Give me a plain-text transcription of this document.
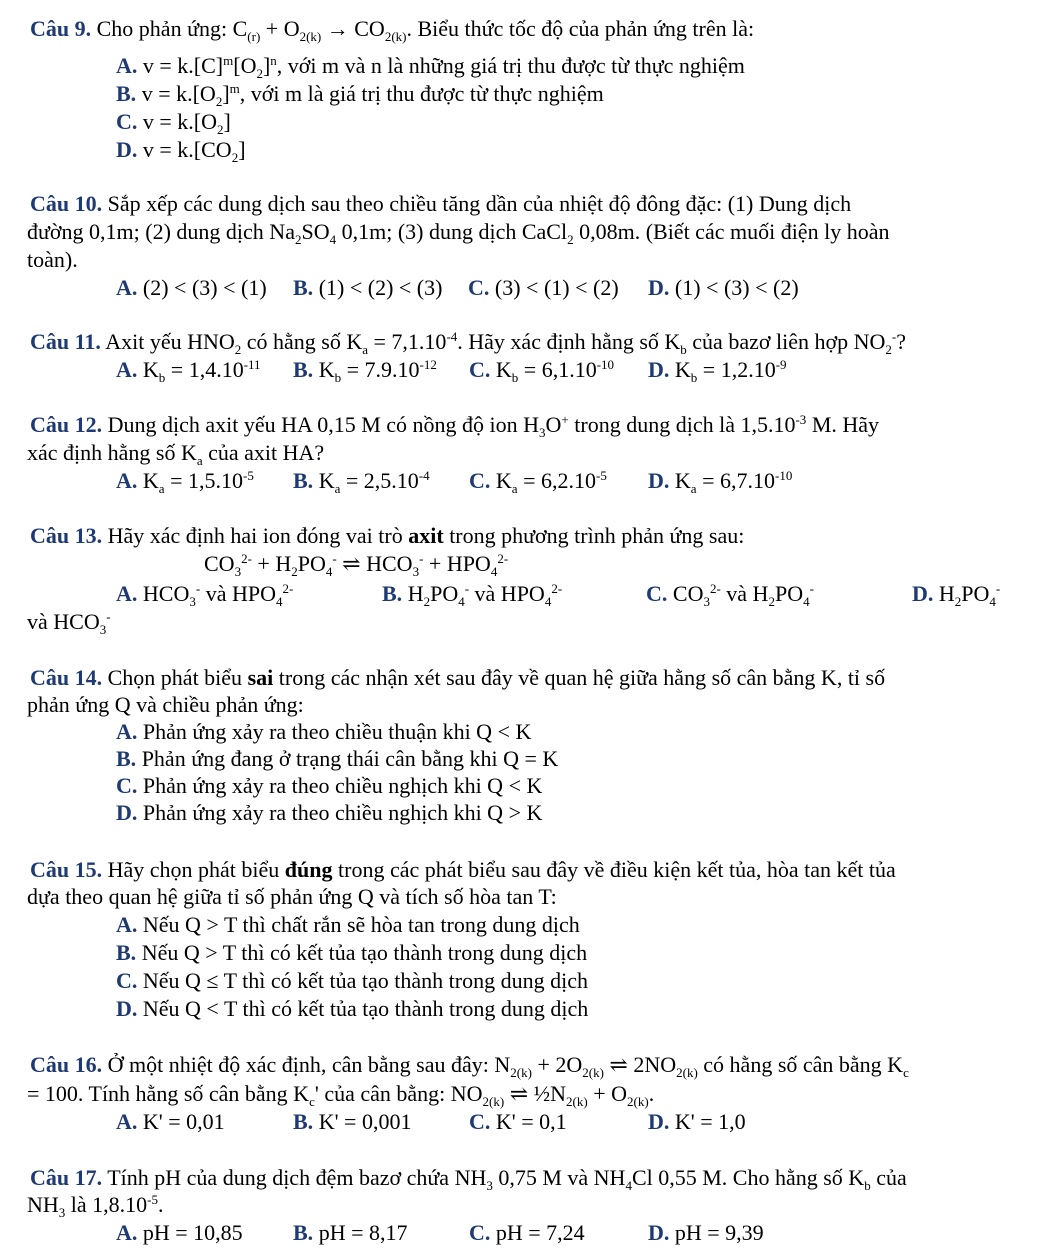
Câu 9. Cho phản ứng: $C_{(r)} + O_{2(k)} \to CO_{2(k)}$. Biểu thức tốc độ của phản ứng trên là:
A. $v = k.[C]^m[O_2]^n$, với m và n là những giá trị thu được từ thực nghiệm
B. $v = k.[O_2]^m$, với m là giá trị thu được từ thực nghiệm
C. $v = k.[O_2]$
D. $v = k.[CO_2]$
Câu 10. Sắp xếp các dung dịch sau theo chiều tăng dần của nhiệt độ đông đặc: (1) Dung dịch
đường 0,1m; (2) dung dịch $Na_2SO_4$ 0,1m; (3) dung dịch CaCl$_2$ 0,08m. (Biết các muối điện ly hoàn
toàn).
A. (2) < (3) < (1) B. (1) < (2) < (3) C. (3) < (1) < (2) D. (1) < (3) < (2)
Câu 11. Axit yếu $HNO_2$ có hằng số $K_a = 7,1.10^{-4}$. Hãy xác định hằng số $K_b$ của bazơ liên hợp $NO_2^-$?
A. $K_b = 1,4.10^{-11}$ B. $K_b = 7.9.10^{-12}$ C. $K_b = 6,1.10^{-10}$ D. $K_b = 1,2.10^{-9}$
Câu 12. Dung dịch axit yếu HA 0,15 M có nồng độ ion $H_3O^+$ trong dung dịch là $1,5.10^{-3}$ M. Hãy
xác định hằng số $K_a$ của axit HA?
A. $K_a = 1,5.10^{-5}$ B. $K_a = 2,5.10^{-4}$ C. $K_a = 6,2.10^{-5}$ D. $K_a = 6,7.10^{-10}$
Câu 13. Hãy xác định hai ion đóng vai trò axit trong phương trình phản ứng sau:
$CO_3^{2-} + H_2PO_4^-$ ⇌ $HCO_3^- + HPO_4^{2-}$
A. $HCO_3^-$ và $HPO_4^{2-}$	B. $H_2PO_4^-$ và $HPO_4^{2-}$	C. $CO_3^{2-}$ và $H_2PO_4^-$	D. $H_2PO_4^-$
và $HCO_3^-$
Câu 14. Chọn phát biểu sai trong các nhận xét sau đây về quan hệ giữa hằng số cân bằng K, tỉ số
phản ứng Q và chiều phản ứng:
A. Phản ứng xảy ra theo chiều thuận khi Q < K
B. Phản ứng đang ở trạng thái cân bằng khi Q = K
C. Phản ứng xảy ra theo chiều nghịch khi Q < K
D. Phản ứng xảy ra theo chiều nghịch khi Q > K
Câu 15. Hãy chọn phát biểu đúng trong các phát biểu sau đây về điều kiện kết tủa, hòa tan kết tủa
dựa theo quan hệ giữa tỉ số phản ứng Q và tích số hòa tan T:
A. Nếu Q > T thì chất rắn sẽ hòa tan trong dung dịch
B. Nếu Q > T thì có kết tủa tạo thành trong dung dịch
C. Nếu Q ≤ T thì có kết tủa tạo thành trong dung dịch
D. Nếu Q < T thì có kết tủa tạo thành trong dung dịch
Câu 16. Ở một nhiệt độ xác định, cân bằng sau đây: $N_{2(k)} + 2O_{2(k)}$ ⇌ $2NO_{2(k)}$ có hằng số cân bằng $K_c$
= 100. Tính hằng số cân bằng $K_c'$ của cân bằng: $NO_{2(k)}$ ⇌ $\frac{1}{2}N_{2(k)} + O_{2(k)}$.
A. K' = 0,01	B. K' = 0,001	C. K' = 0,1	D. K' = 1,0
Câu 17. Tính pH của dung dịch đệm bazơ chứa $NH_3$ 0,75 M và $NH_4Cl$ 0,55 M. Cho hằng số $K_b$ của
$NH_3$ là $1,8.10^{-5}$.
A. pH = 10,85 B. pH = 8,17	C. pH = 7,24	D. pH = 9,39
